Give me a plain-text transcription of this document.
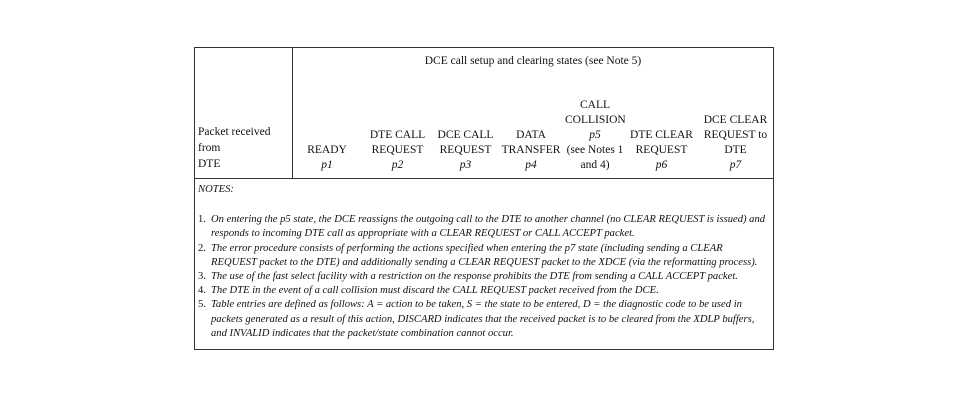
Packet received from
DTE
DCE call setup and clearing states (see Note 5)
READY
p1
DTE CALL
REQUEST
p2
DCE CALL
REQUEST
p3
DATA
TRANSFER
p4
CALL
COLLISION
p5
(see Notes 1
and 4)
DTE CLEAR
REQUEST
p6
DCE CLEAR
REQUEST to
DTE
p7
NOTES:
1. On entering the p5 state, the DCE reassigns the outgoing call to the DTE to another channel (no CLEAR REQUEST is issued) and responds to incoming DTE call as appropriate with a CLEAR REQUEST or CALL ACCEPT packet.
2. The error procedure consists of performing the actions specified when entering the p7 state (including sending a CLEAR REQUEST packet to the DTE) and additionally sending a CLEAR REQUEST packet to the XDCE (via the reformatting process).
3. The use of the fast select facility with a restriction on the response prohibits the DTE from sending a CALL ACCEPT packet.
4. The DTE in the event of a call collision must discard the CALL REQUEST packet received from the DCE.
5. Table entries are defined as follows: A = action to be taken, S = the state to be entered, D = the diagnostic code to be used in packets generated as a result of this action, DISCARD indicates that the received packet is to be cleared from the XDLP buffers, and INVALID indicates that the packet/state combination cannot occur.
